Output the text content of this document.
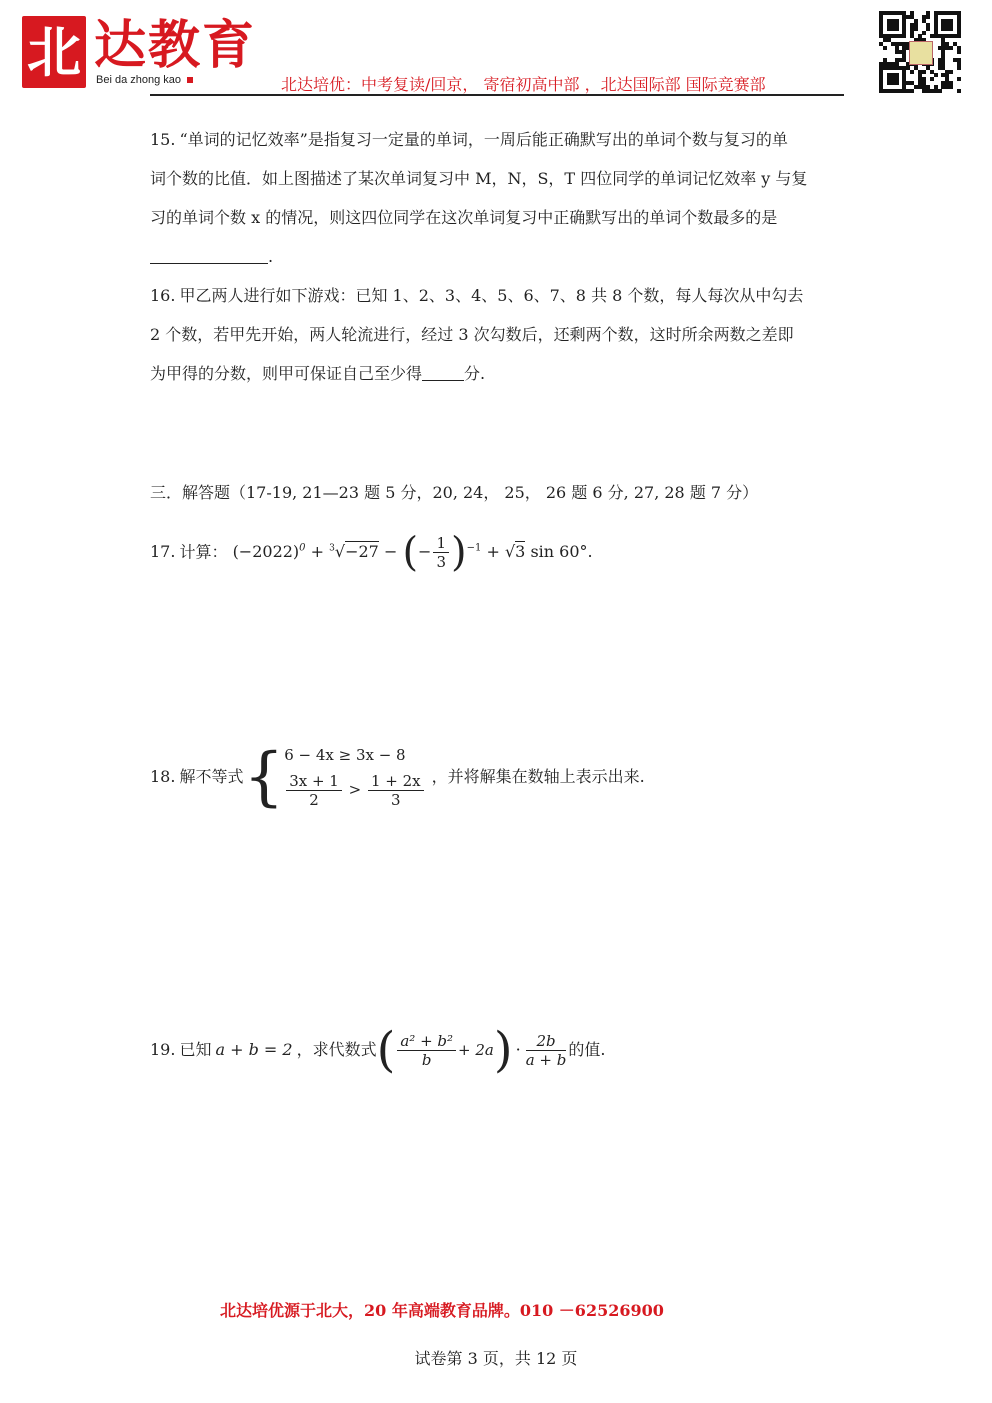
北 达教育
Bei da zhong kao	北达培优：中考复读/回京， 寄宿初高中部 ，北达国际部 国际竞赛部
15. “单词的记忆效率”是指复习一定量的单词，一周后能正确默写出的单词个数与复习的单
词个数的比值．如上图描述了某次单词复习中 M，N，S，T 四位同学的单词记忆效率 y 与复
习的单词个数 x 的情况，则这四位同学在这次单词复习中正确默写出的单词个数最多的是
.
16. 甲乙两人进行如下游戏：已知 1、2、3、4、5、6、7、8 共 8 个数，每人每次从中勾去
2 个数，若甲先开始，两人轮流进行，经过 3 次勾数后，还剩两个数，这时所余两数之差即
为甲得的分数，则甲可保证自己至少得	分.
三．解答题（17-19, 21—23 题 5 分，20, 24， 25， 26 题 6 分, 27, 28 题 7 分）
17. 计算： $(-2022)^0 + ^3√-27$ − (− $\frac{1}{3} )^{-1} + √3$ sin 60°.
18. 解不等式 { 6 − 4x ≥ 3x − 8
$\frac{3x + 1}{2} > \frac{1 + 2x}{3}$ ，并将解集在数轴上表示出来.
19. 已知 a + b = 2 ，求代数式 ( $\frac{\text{a² + b²}}{b} + 2a$ ) · $\frac{2b}{a + b}$ 的值.
北达培优源于北大，20 年高端教育品牌。010 －62526900
试卷第 3 页，共 12 页
